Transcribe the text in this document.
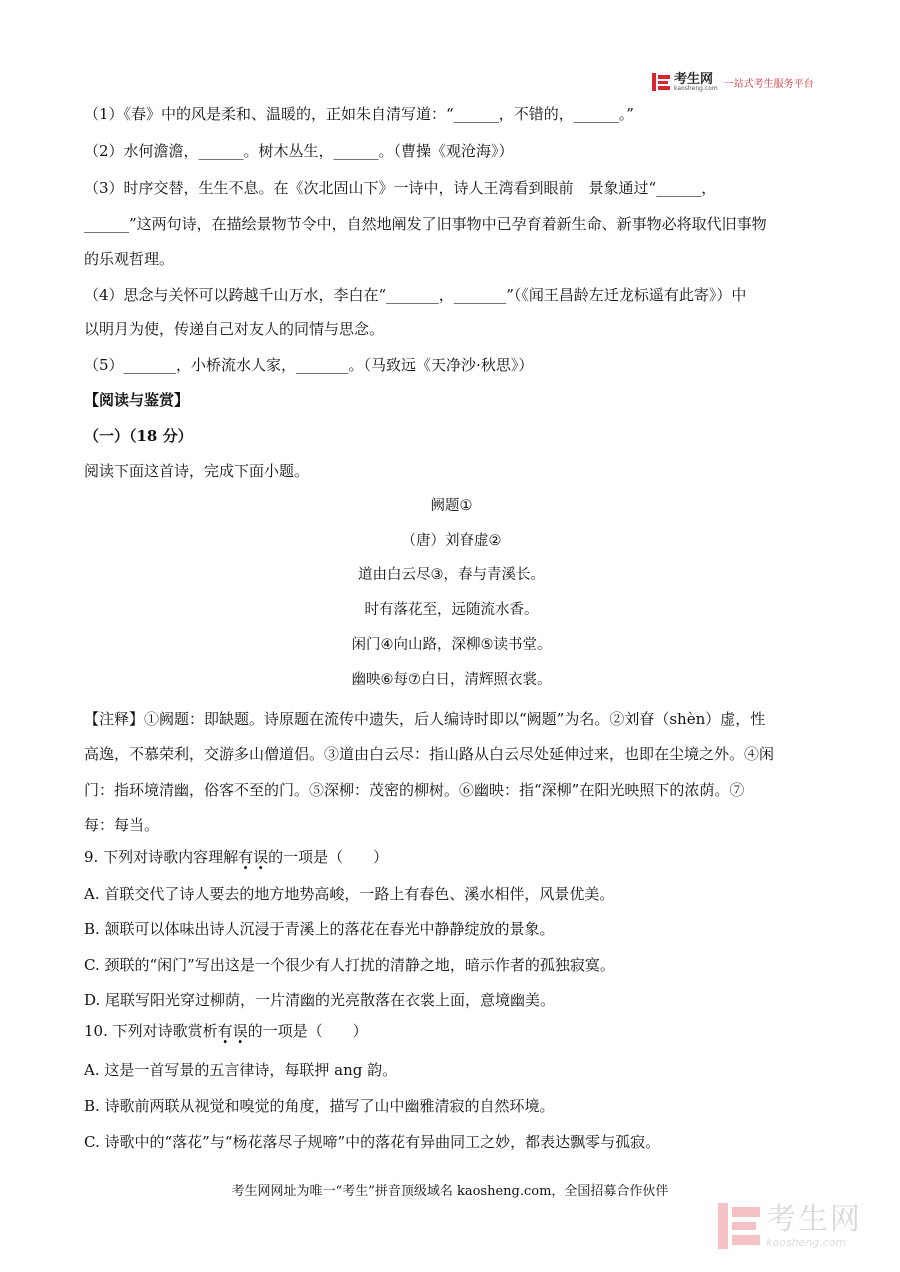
考生网
kaosheng.com 一站式考生服务平台
（1）《春》中的风是柔和、温暖的，正如朱自清写道：“______，不错的，______。”
（2）水何澹澹，______。树木丛生，______。（曹操《观沧海》）
（3）时序交替，生生不息。在《次北固山下》一诗中，诗人王湾看到眼前　景象通过“______，
______”这两句诗，在描绘景物节令中，自然地阐发了旧事物中已孕育着新生命、新事物必将取代旧事物
的乐观哲理。
（4）思念与关怀可以跨越千山万水，李白在“_______，_______”（《闻王昌龄左迁龙标遥有此寄》）中
以明月为使，传递自己对友人的同情与思念。
（5）_______，小桥流水人家，_______。（马致远《天净沙·秋思》）
【阅读与鉴赏】
（一）（18 分）
阅读下面这首诗，完成下面小题。
阙题①
（唐）刘眘虚②
道由白云尽③，春与青溪长。
时有落花至，远随流水香。
闲门④向山路，深柳⑤读书堂。
幽映⑥每⑦白日，清辉照衣裳。
【注释】①阙题：即缺题。诗原题在流传中遗失，后人编诗时即以“阙题”为名。②刘眘（shèn）虚，性
高逸，不慕荣利，交游多山僧道侣。③道由白云尽：指山路从白云尽处延伸过来，也即在尘境之外。④闲
门：指环境清幽，俗客不至的门。⑤深柳：茂密的柳树。⑥幽映：指“深柳”在阳光映照下的浓荫。⑦
每：每当。
9. 下列对诗歌内容理解有误的一项是（　　）
A. 首联交代了诗人要去的地方地势高峻，一路上有春色、溪水相伴，风景优美。
B. 颔联可以体味出诗人沉浸于青溪上的落花在春光中静静绽放的景象。
C. 颈联的“闲门”写出这是一个很少有人打扰的清静之地，暗示作者的孤独寂寞。
D. 尾联写阳光穿过柳荫，一片清幽的光亮散落在衣裳上面，意境幽美。
10. 下列对诗歌赏析有误的一项是（　　）
A. 这是一首写景的五言律诗，每联押 ang 韵。
B. 诗歌前两联从视觉和嗅觉的角度，描写了山中幽雅清寂的自然环境。
C. 诗歌中的“落花”与“杨花落尽子规啼”中的落花有异曲同工之妙，都表达飘零与孤寂。
考生网网址为唯一“考生”拼音顶级域名 kaosheng.com，全国招募合作伙伴
考生网
kaosheng.com
